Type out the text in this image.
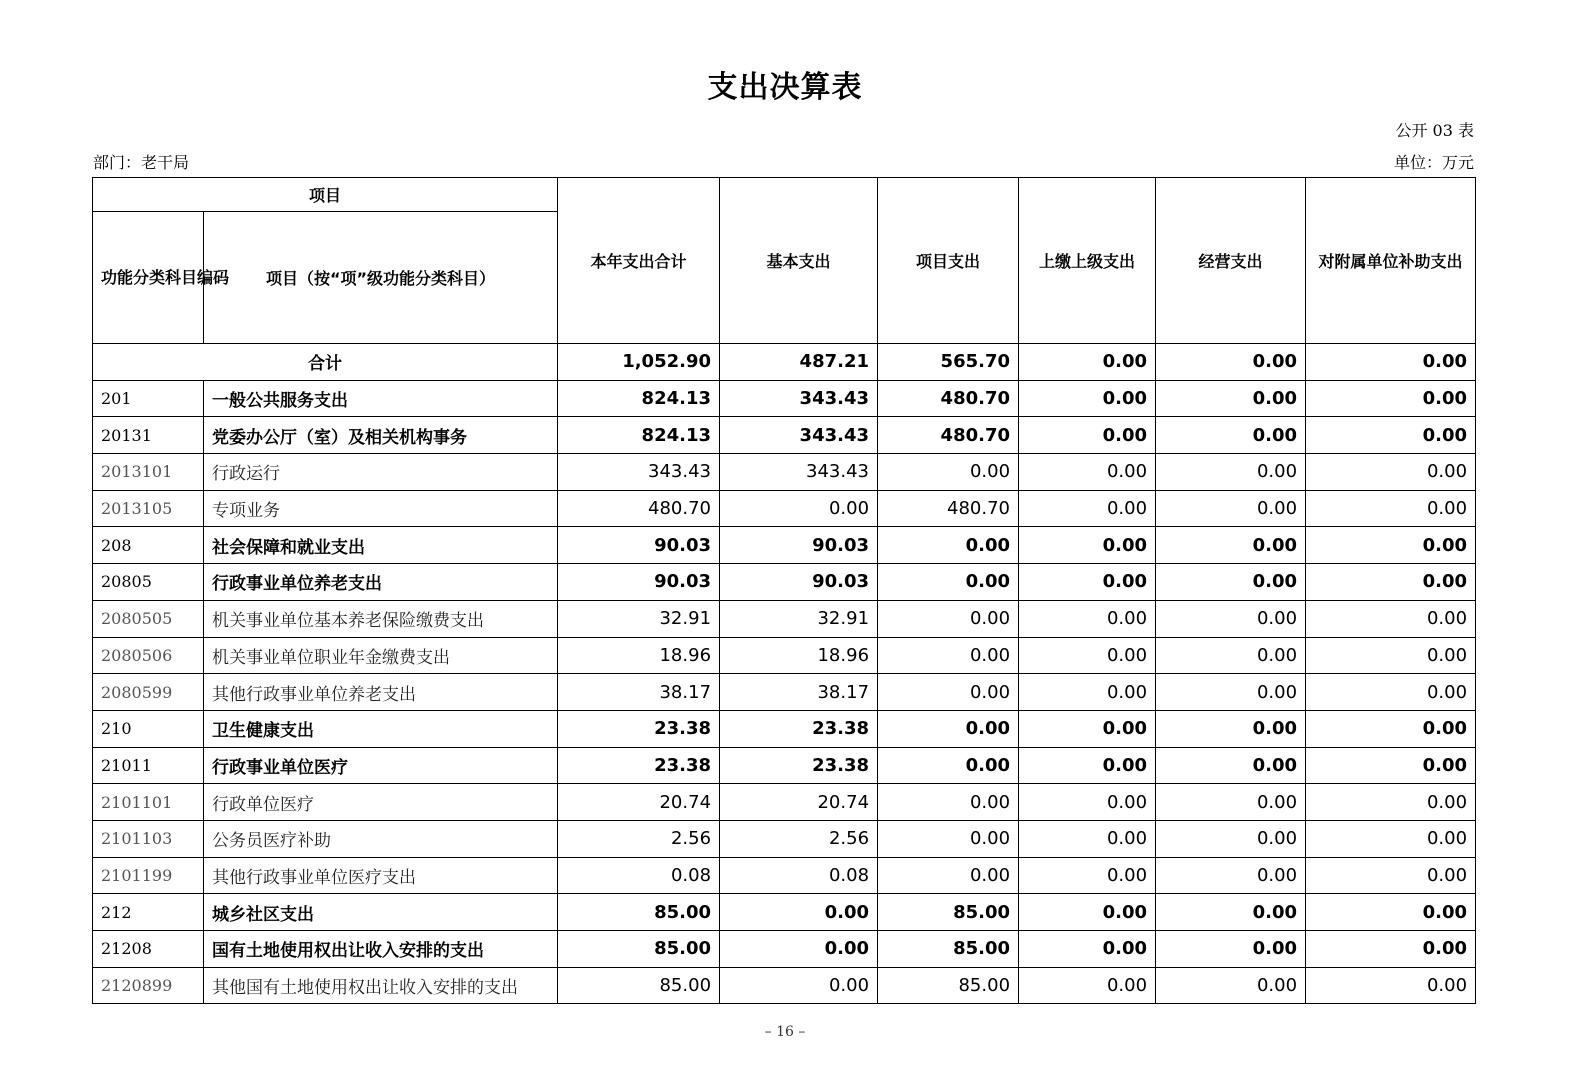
支出决算表
公开 03 表
部门：老干局	单位：万元
项目		本年支出合计	基本支出	项目支出	上缴上级支出	经营支出	对附属单位补助支出
功能分类科目编码	项目（按“项”级功能分类科目）						
合计		1,052.90	487.21	565.70	0.00	0.00	0.00
201	一般公共服务支出	824.13	343.43	480.70	0.00	0.00	0.00
20131	党委办公厅（室）及相关机构事务	824.13	343.43	480.70	0.00	0.00	0.00
2013101	行政运行	343.43	343.43	0.00	0.00	0.00	0.00
2013105	专项业务	480.70	0.00	480.70	0.00	0.00	0.00
208	社会保障和就业支出	90.03	90.03	0.00	0.00	0.00	0.00
20805	行政事业单位养老支出	90.03	90.03	0.00	0.00	0.00	0.00
2080505	机关事业单位基本养老保险缴费支出	32.91	32.91	0.00	0.00	0.00	0.00
2080506	机关事业单位职业年金缴费支出	18.96	18.96	0.00	0.00	0.00	0.00
2080599	其他行政事业单位养老支出	38.17	38.17	0.00	0.00	0.00	0.00
210	卫生健康支出	23.38	23.38	0.00	0.00	0.00	0.00
21011	行政事业单位医疗	23.38	23.38	0.00	0.00	0.00	0.00
2101101	行政单位医疗	20.74	20.74	0.00	0.00	0.00	0.00
2101103	公务员医疗补助	2.56	2.56	0.00	0.00	0.00	0.00
2101199	其他行政事业单位医疗支出	0.08	0.08	0.00	0.00	0.00	0.00
212	城乡社区支出	85.00	0.00	85.00	0.00	0.00	0.00
21208	国有土地使用权出让收入安排的支出	85.00	0.00	85.00	0.00	0.00	0.00
2120899	其他国有土地使用权出让收入安排的支出	85.00	0.00	85.00	0.00	0.00	0.00
– 16 –
